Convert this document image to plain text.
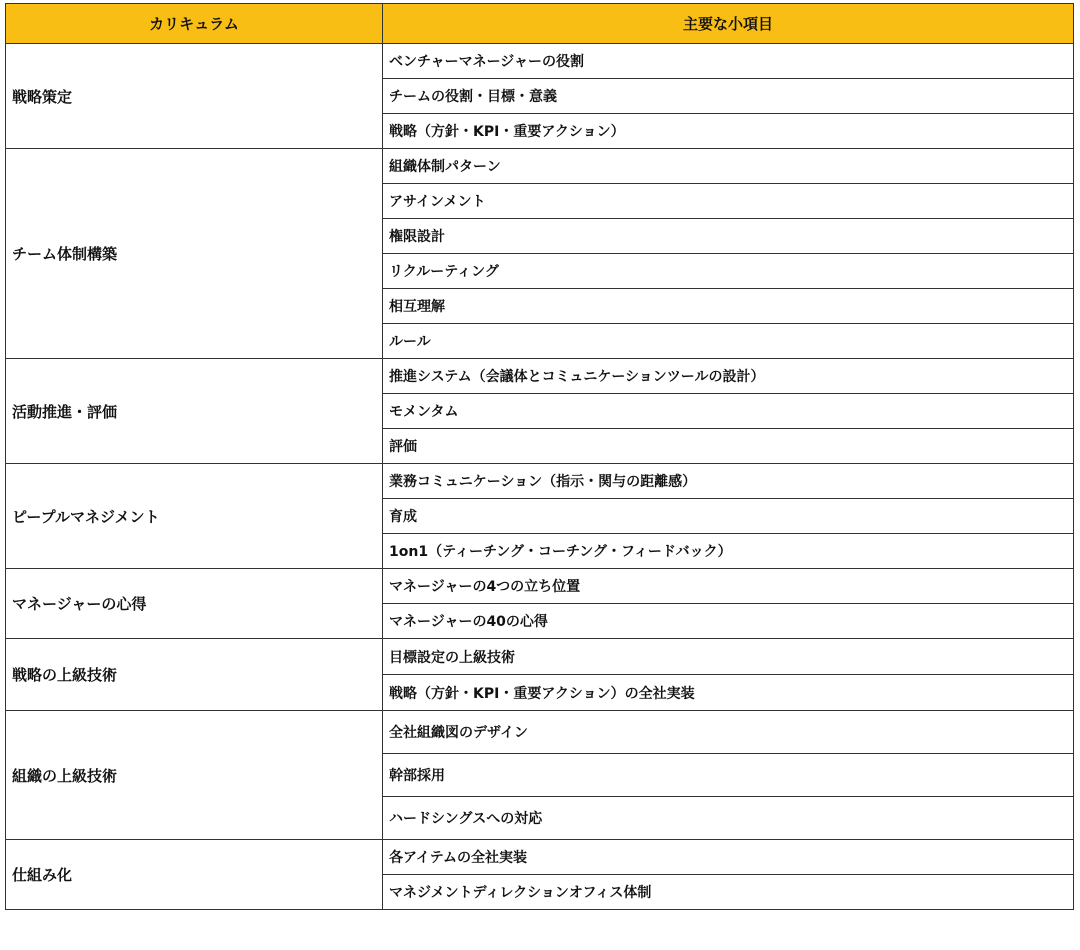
カリキュラム	主要な小項目
戦略策定	ベンチャーマネージャーの役割
	チームの役割・目標・意義
	戦略（方針・KPI・重要アクション）
チーム体制構築	組織体制パターン
	アサインメント
	権限設計
	リクルーティング
	相互理解
	ルール
活動推進・評価	推進システム（会議体とコミュニケーションツールの設計）
	モメンタム
	評価
ピープルマネジメント	業務コミュニケーション（指示・関与の距離感）
	育成
	1on1（ティーチング・コーチング・フィードバック）
マネージャーの心得	マネージャーの4つの立ち位置
	マネージャーの40の心得
戦略の上級技術	目標設定の上級技術
	戦略（方針・KPI・重要アクション）の全社実装
組織の上級技術	全社組織図のデザイン
	幹部採用
	ハードシングスへの対応
仕組み化	各アイテムの全社実装
	マネジメントディレクションオフィス体制
